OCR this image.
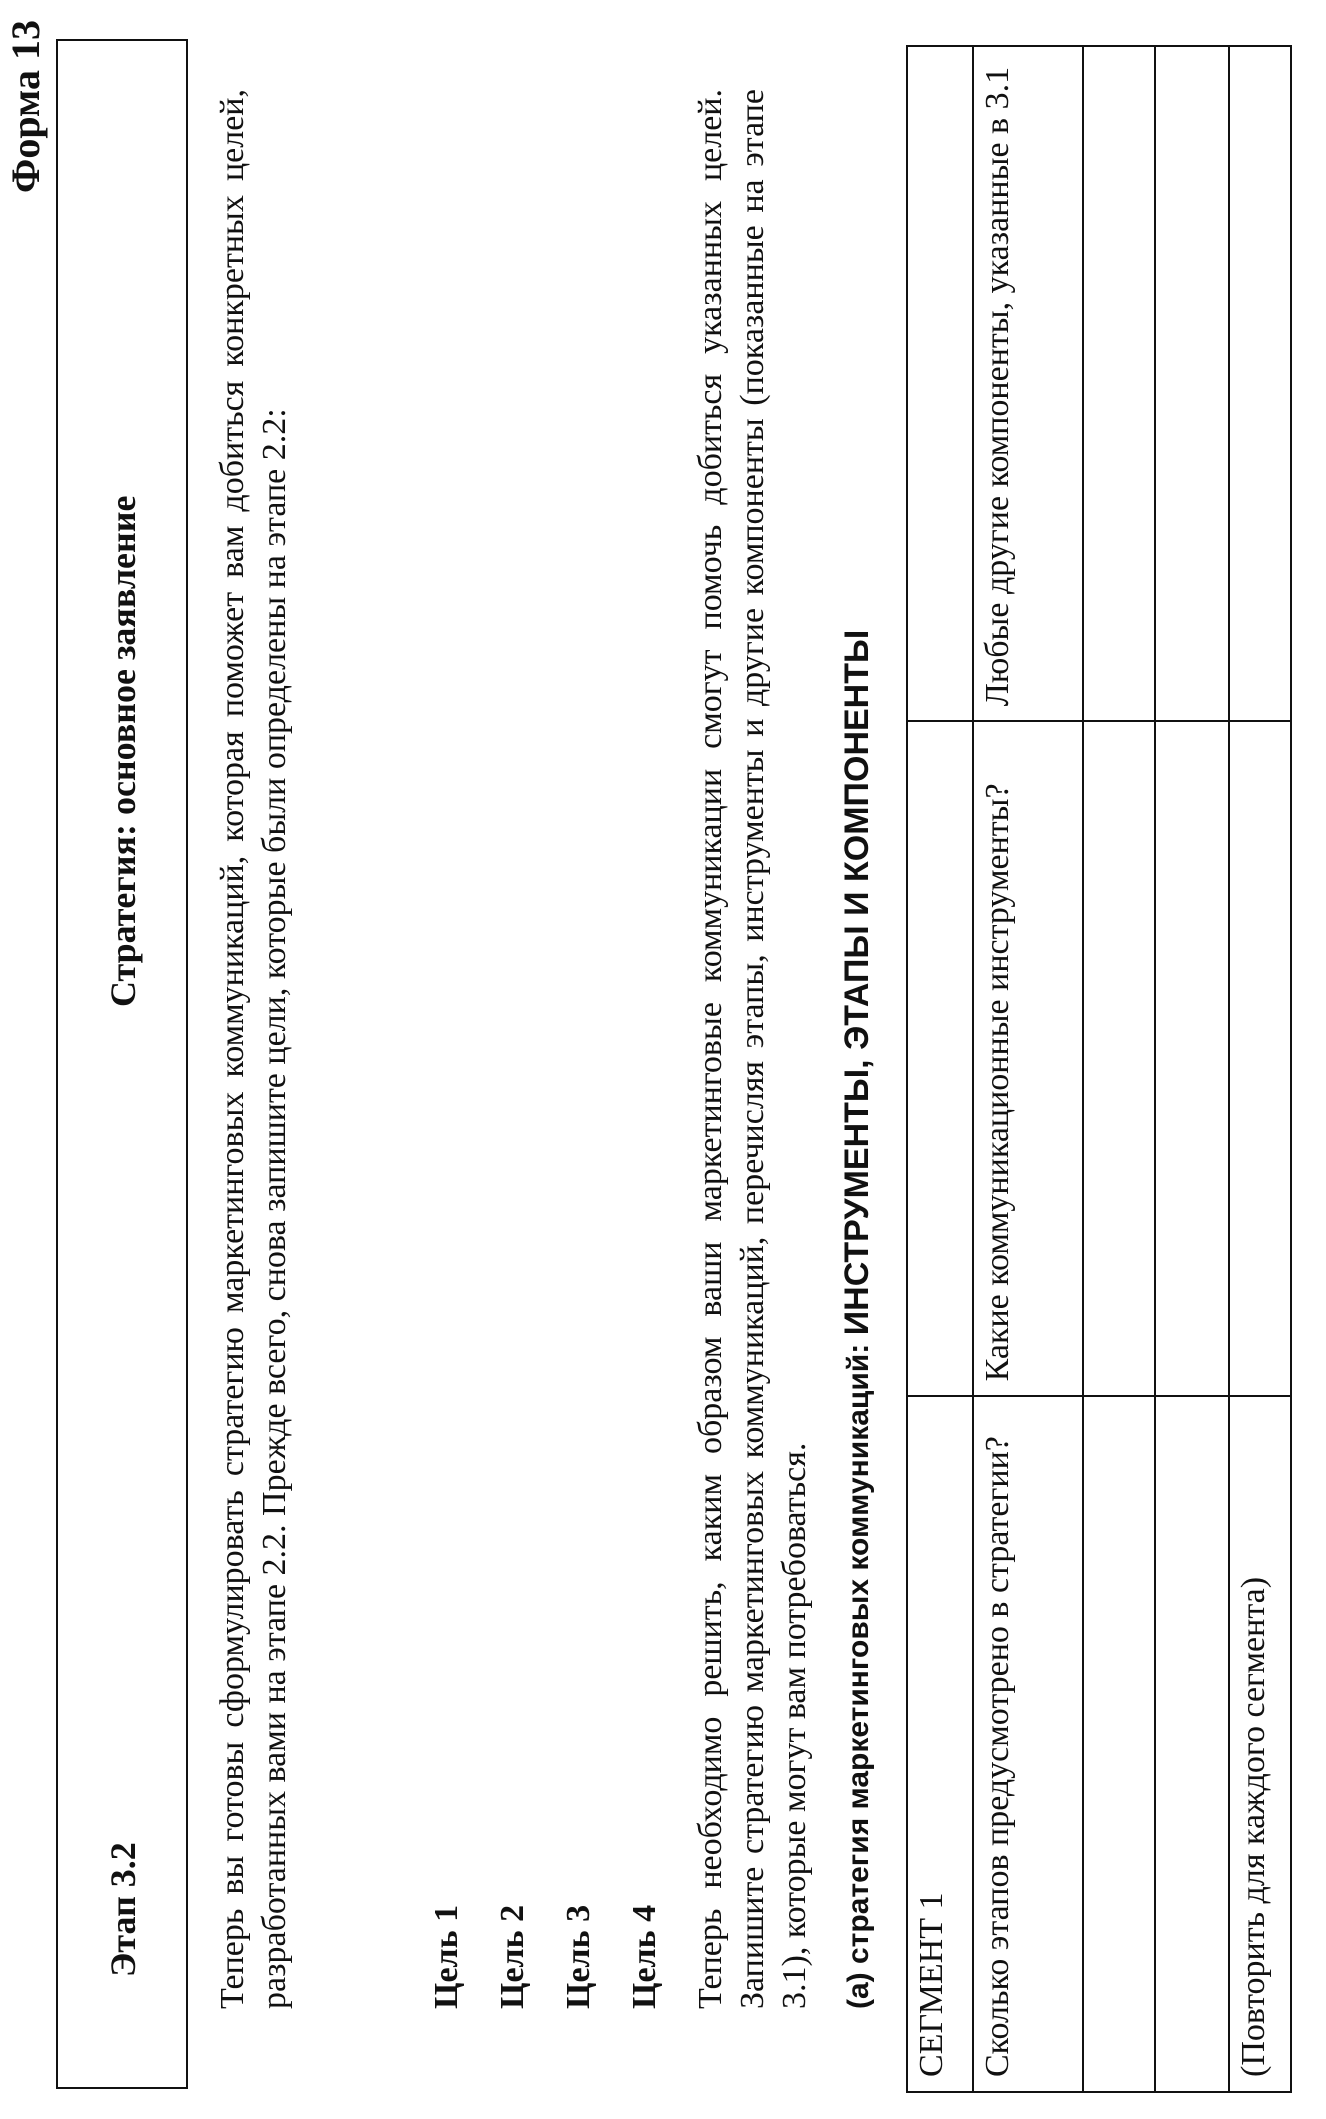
Форма 13
Этап 3.2
Стратегия: основное заявление Теперь вы готовы сформулировать стратегию маркетинговых коммуникаций, которая поможет вам добиться конкретных целей, разработанных вами на этапе 2.2. Прежде всего, снова запишите цели, которые были определены на этапе 2.2:	Цель 1 Цель 2 Цель 3 Цель 4 Теперь необходимо решить, каким образом ваши маркетинговые коммуникации смогут помочь добиться указанных целей. Запишите стратегию маркетинговых коммуникаций, перечисляя этапы, инструменты и другие компоненты (показанные на этапе 3.1), которые могут вам потребоваться. (а) стратегия маркетинговых коммуникаций: ИНСТРУМЕНТЫ, ЭТАПЫ И КОМПОНЕНТЫ
СЕГМЕНТ 1		
Сколько этапов предусмотрено в стратегии?	Какие коммуникационные инструменты?	Любые другие компоненты, указанные в 3.1

(Повторить для каждого сегмента)		
